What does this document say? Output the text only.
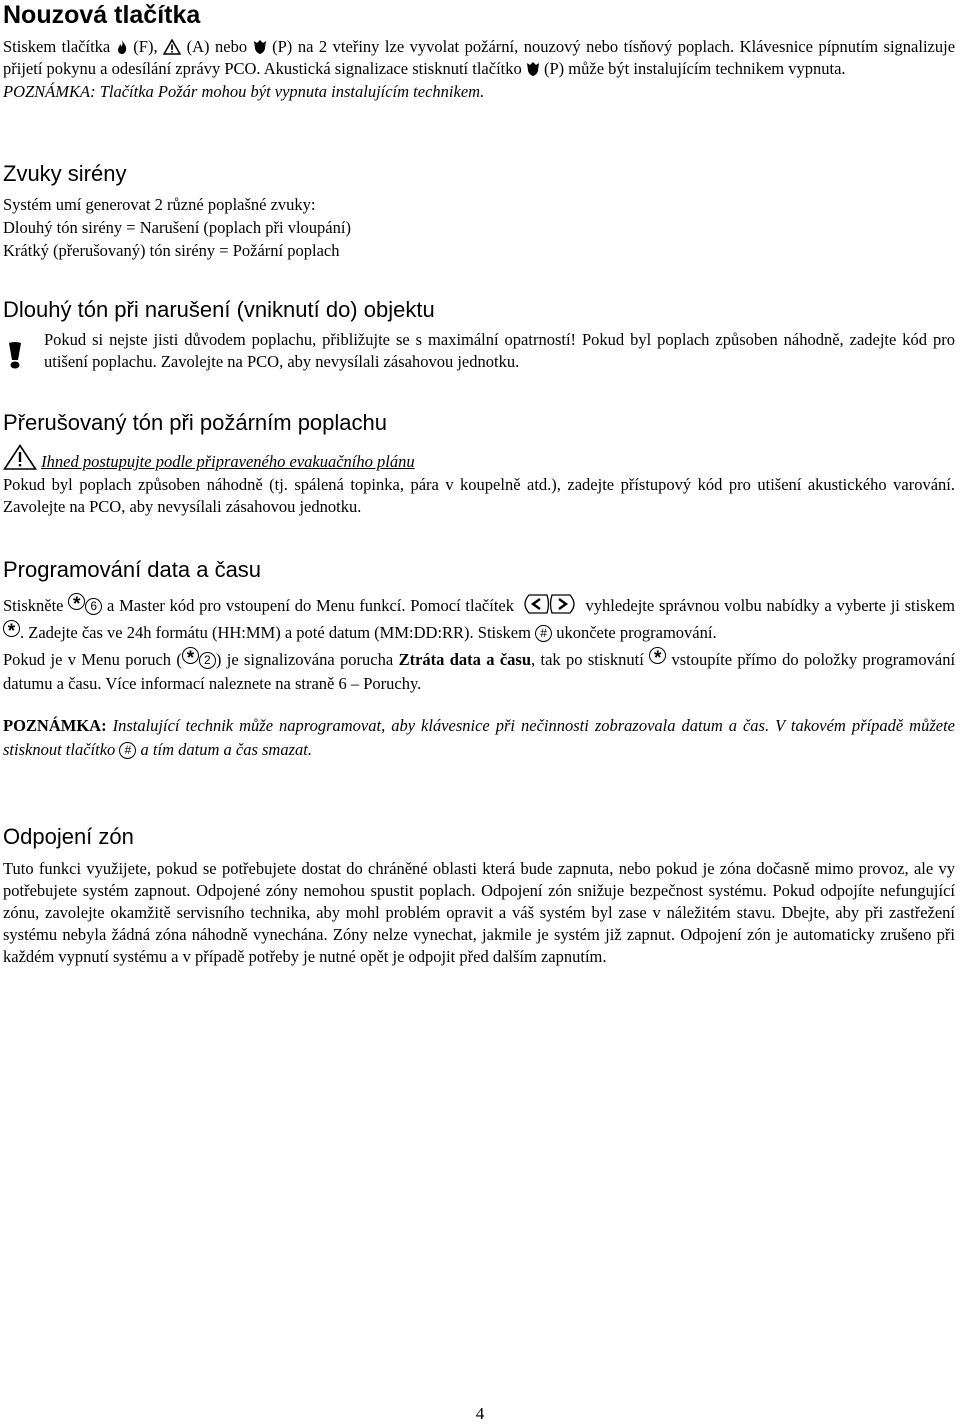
Nouzová tlačítka

Stiskem tlačítka (F), (A) nebo (P) na 2 vteřiny lze vyvolat požární, nouzový nebo tísňový poplach. Klávesnice pípnutím signalizuje přijetí pokynu a odesílání zprávy PCO. Akustická signalizace stisknutí tlačítko (P) může být instalujícím technikem vypnuta.

POZNÁMKA: Tlačítka Požár mohou být vypnuta instalujícím technikem.

Zvuky sirény

Systém umí generovat 2 různé poplašné zvuky:

Dlouhý tón sirény = Narušení (poplach při vloupání)

Krátký (přerušovaný) tón sirény = Požární poplach

Dlouhý tón při narušení (vniknutí do) objektu

Pokud si nejste jisti důvodem poplachu, přibližujte se s maximální opatrností! Pokud byl poplach způsoben náhodně, zadejte kód pro utišení poplachu. Zavolejte na PCO, aby nevysílali zásahovou jednotku.

Přerušovaný tón při požárním poplachu

Ihned postupujte podle připraveného evakuačního plánu

Pokud byl poplach způsoben náhodně (tj. spálená topinka, pára v koupelně atd.), zadejte přístupový kód pro utišení akustického varování. Zavolejte na PCO, aby nevysílali zásahovou jednotku.

Programování data a času

Stiskněte * 6 a Master kód pro vstoupení do Menu funkcí. Pomocí tlačítek	vyhledejte správnou volbu nabídky a vyberte ji stiskem * . Zadejte čas ve 24h formátu (HH:MM) a poté datum (MM:DD:RR). Stiskem # ukončete programování.

Pokud je v Menu poruch ( * 2 ) je signalizována porucha Ztráta data a času, tak po stisknutí * vstoupíte přímo do položky programování datumu a času. Více informací naleznete na straně 6 – Poruchy.

POZNÁMKA: Instalující technik může naprogramovat, aby klávesnice při nečinnosti zobrazovala datum a čas. V takovém případě můžete stisknout tlačítko # a tím datum a čas smazat.

Odpojení zón

Tuto funkci využijete, pokud se potřebujete dostat do chráněné oblasti která bude zapnuta, nebo pokud je zóna dočasně mimo provoz, ale vy potřebujete systém zapnout. Odpojené zóny nemohou spustit poplach. Odpojení zón snižuje bezpečnost systému. Pokud odpojíte nefungující zónu, zavolejte okamžitě servisního technika, aby mohl problém opravit a váš systém byl zase v náležitém stavu. Dbejte, aby při zastřežení systému nebyla žádná zóna náhodně vynechána. Zóny nelze vynechat, jakmile je systém již zapnut. Odpojení zón je automaticky zrušeno při každém vypnutí systému a v případě potřeby je nutné opět je odpojit před dalším zapnutím.

4
